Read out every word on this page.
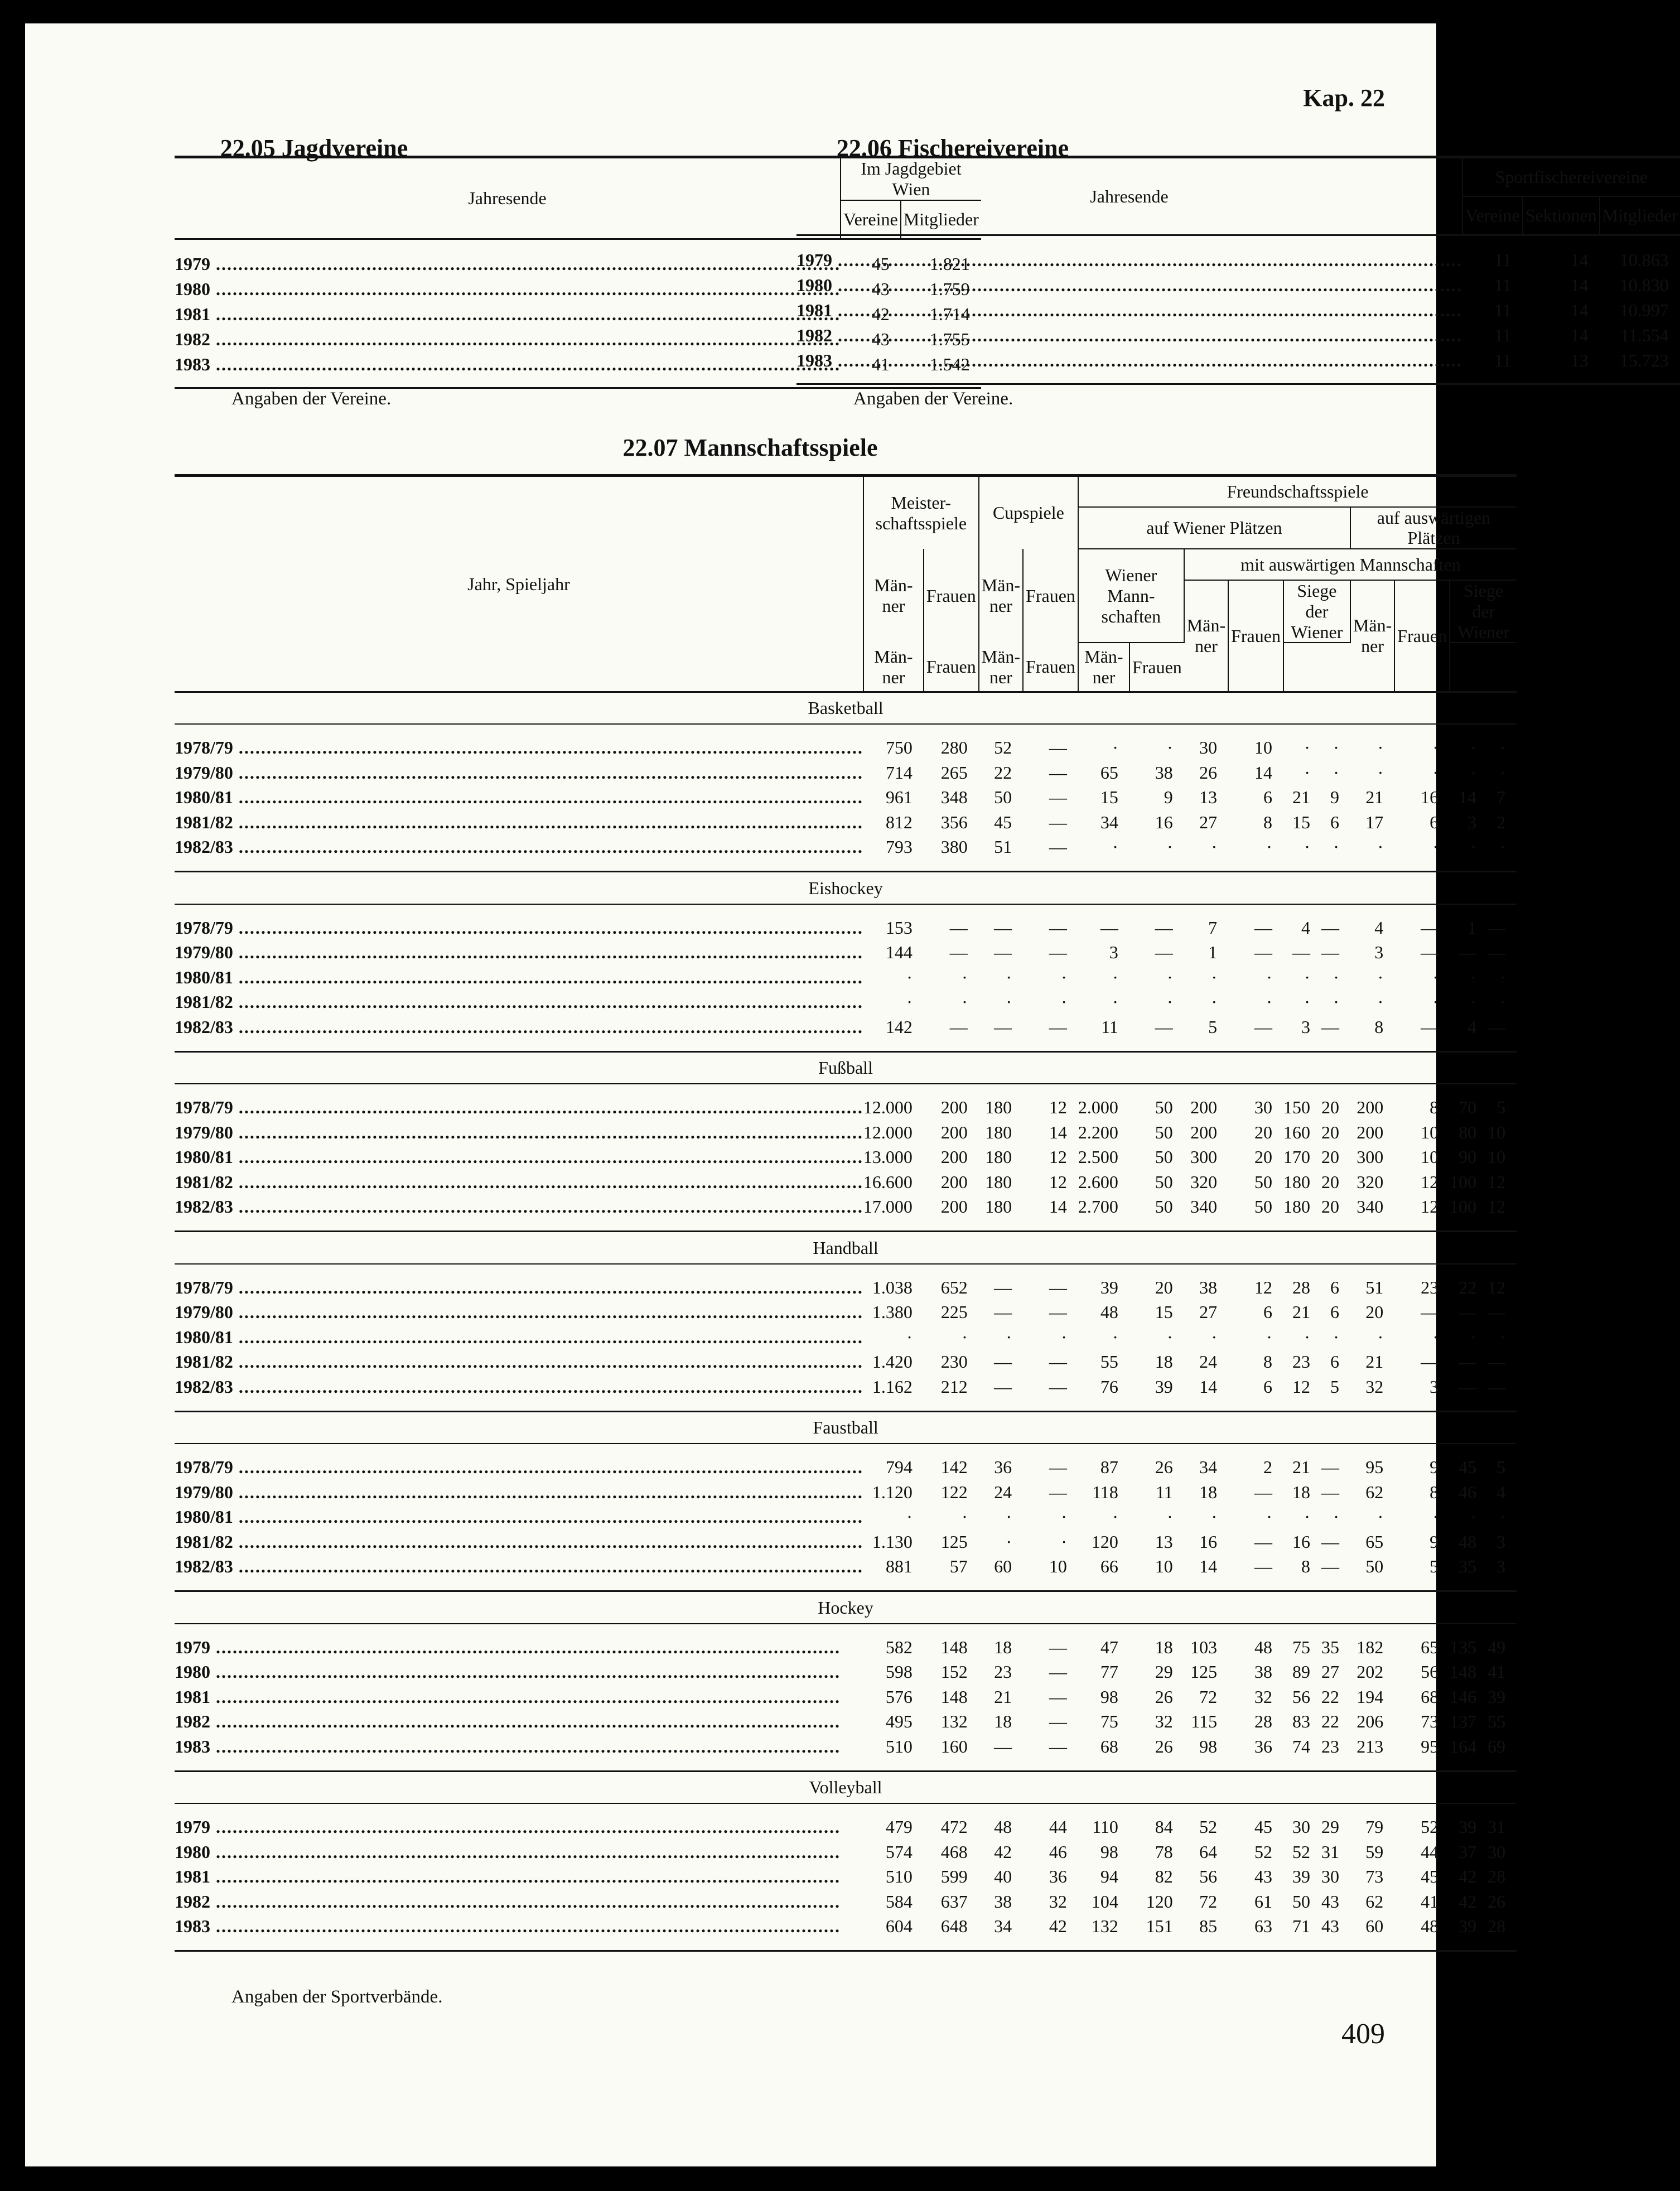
Kap. 22
22.05 Jagdvereine
Jahresende	Im Jagdgebiet Wien	
	Vereine	Mitglieder

1979 .....	45	1.821
1980 .....	43	1.759
1981 .....	42	1.714
1982 .....	43	1.755
1983 .....	41	1.542

Angaben der Vereine.
22.06 Fischereivereine
Jahresende	Sportfischereivereine		
	Vereine	Sektionen	Mitglieder

1979 .....	11	14	10.863
1980 .....	11	14	10.830
1981 .....	11	14	10.997
1982 .....	11	14	11.554
1983 .....	11	13	15.723

Angaben der Vereine.
22.07 Mannschaftsspiele
Jahr, Spieljahr	Meister-schaftsspiele		Cupspiele		Freundschaftsspiele									
					auf Wiener Plätzen						auf auswärtigen Plätzen			
	Män-ner	Frauen	Män-ner	Frauen	Wiener Mann-schaften		mit auswärtigen Mannschaften							
							Män-ner	Frauen	Siege der Wiener		Män-ner	Frauen	Siege der Wiener	
	Män-ner	Frauen	Män-ner	Frauen	Män-ner	Frauen								
Basketball														

1978/79 .....	750	280	52	—	·	·	30	10	·	·	·	·	·	·
1979/80 .....	714	265	22	—	65	38	26	14	·	·	·	·	·	·
1980/81 .....	961	348	50	—	15	9	13	6	21	9	21	16	14	7
1981/82 .....	812	356	45	—	34	16	27	8	15	6	17	6	3	2
1982/83 .....	793	380	51	—	·	·	·	·	·	·	·	·	·	·

Eishockey														

1978/79 .....	153	—	—	—	—	—	7	—	4	—	4	—	1	—
1979/80 .....	144	—	—	—	3	—	1	—	—	—	3	—	—	—
1980/81 .....	·	·	·	·	·	·	·	·	·	·	·	·	·	·
1981/82 .....	·	·	·	·	·	·	·	·	·	·	·	·	·	·
1982/83 .....	142	—	—	—	11	—	5	—	3	—	8	—	4	—

Fußball														

1978/79 .....	12.000	200	180	12	2.000	50	200	30	150	20	200	8	70	5
1979/80 .....	12.000	200	180	14	2.200	50	200	20	160	20	200	10	80	10
1980/81 .....	13.000	200	180	12	2.500	50	300	20	170	20	300	10	90	10
1981/82 .....	16.600	200	180	12	2.600	50	320	50	180	20	320	12	100	12
1982/83 .....	17.000	200	180	14	2.700	50	340	50	180	20	340	12	100	12

Handball														

1978/79 .....	1.038	652	—	—	39	20	38	12	28	6	51	23	22	12
1979/80 .....	1.380	225	—	—	48	15	27	6	21	6	20	—	—	—
1980/81 .....	·	·	·	·	·	·	·	·	·	·	·	·	·	·
1981/82 .....	1.420	230	—	—	55	18	24	8	23	6	21	—	—	—
1982/83 .....	1.162	212	—	—	76	39	14	6	12	5	32	3	—	—

Faustball														

1978/79 .....	794	142	36	—	87	26	34	2	21	—	95	9	45	5
1979/80 .....	1.120	122	24	—	118	11	18	—	18	—	62	8	46	4
1980/81 .....	·	·	·	·	·	·	·	·	·	·	·	·	·	·
1981/82 .....	1.130	125	·	·	120	13	16	—	16	—	65	9	48	3
1982/83 .....	881	57	60	10	66	10	14	—	8	—	50	5	35	3

Hockey														

1979 .....	582	148	18	—	47	18	103	48	75	35	182	65	135	49
1980 .....	598	152	23	—	77	29	125	38	89	27	202	56	148	41
1981 .....	576	148	21	—	98	26	72	32	56	22	194	68	146	39
1982 .....	495	132	18	—	75	32	115	28	83	22	206	73	137	55
1983 .....	510	160	—	—	68	26	98	36	74	23	213	95	164	69

Volleyball														

1979 .....	479	472	48	44	110	84	52	45	30	29	79	52	39	31
1980 .....	574	468	42	46	98	78	64	52	52	31	59	44	37	30
1981 .....	510	599	40	36	94	82	56	43	39	30	73	45	42	28
1982 .....	584	637	38	32	104	120	72	61	50	43	62	41	42	26
1983 .....	604	648	34	42	132	151	85	63	71	43	60	48	39	28

Angaben der Sportverbände.
409
